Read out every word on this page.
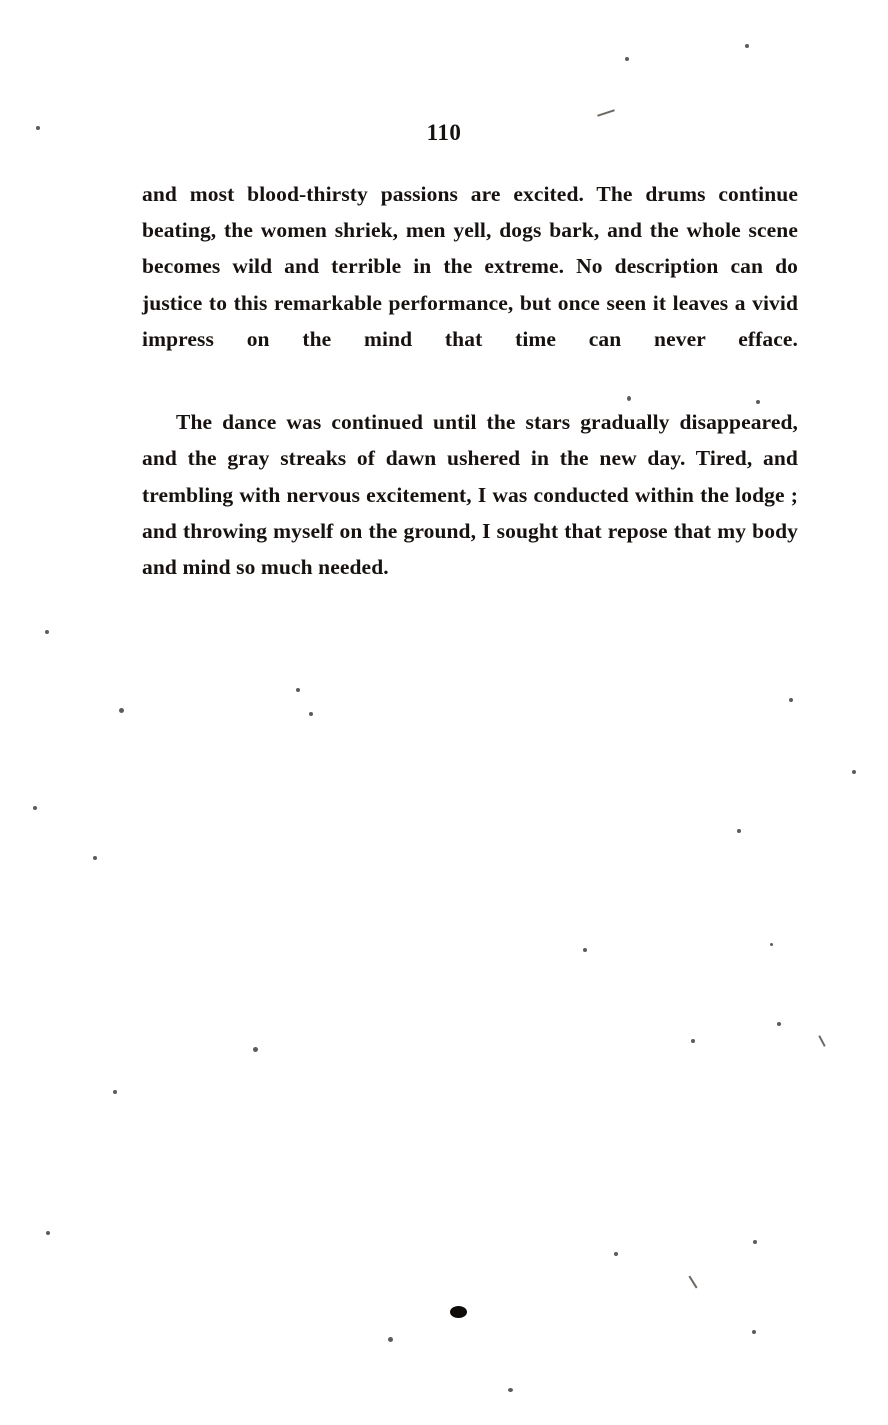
110

and most blood-thirsty passions are excited. The drums continue beating, the women shriek, men yell, dogs bark, and the whole scene becomes wild and terrible in the extreme. No description can do justice to this remarkable performance, but once seen it leaves a vivid impress on the mind that time can never efface.

The dance was continued until the stars gradually disappeared, and the gray streaks of dawn ushered in the new day. Tired, and trembling with nervous excitement, I was conducted within the lodge ; and throwing myself on the ground, I sought that repose that my body and mind so much needed.
